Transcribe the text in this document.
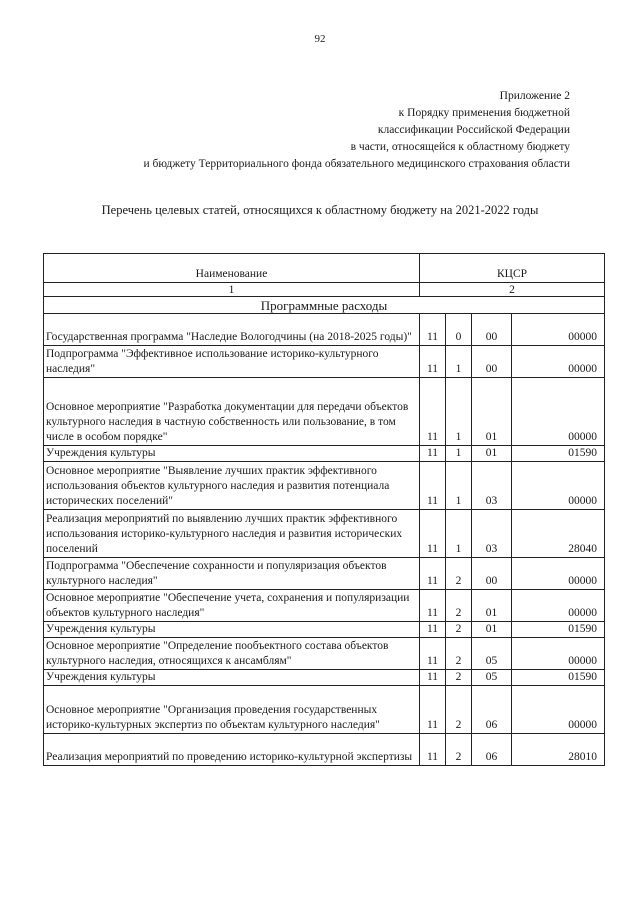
92
Приложение 2
к Порядку применения бюджетной
классификации Российской Федерации
в части, относящейся к областному бюджету
и бюджету Территориального фонда обязательного медицинского страхования области
Перечень целевых статей, относящихся к областному бюджету на 2021-2022 годы
Наименование	КЦСР			
1	2			
Программные расходы				
Государственная программа "Наследие Вологодчины (на 2018-2025 годы)"	11	0	00	00000
Подпрограмма "Эффективное использование историко-культурного наследия"	11	1	00	00000
Основное мероприятие "Разработка документации для передачи объектов культурного наследия в частную собственность или пользование, в том числе в особом порядке"	11	1	01	00000
Учреждения культуры	11	1	01	01590
Основное мероприятие "Выявление лучших практик эффективного использования объектов культурного наследия и развития потенциала исторических поселений"	11	1	03	00000
Реализация мероприятий по выявлению лучших практик эффективного использования историко-культурного наследия и развития исторических поселений	11	1	03	28040
Подпрограмма "Обеспечение сохранности и популяризация объектов культурного наследия"	11	2	00	00000
Основное мероприятие "Обеспечение учета, сохранения и популяризации объектов культурного наследия"	11	2	01	00000
Учреждения культуры	11	2	01	01590
Основное мероприятие "Определение пообъектного состава объектов культурного наследия, относящихся к ансамблям"	11	2	05	00000
Учреждения культуры	11	2	05	01590
Основное мероприятие "Организация проведения государственных историко-культурных экспертиз по объектам культурного наследия"	11	2	06	00000
Реализация мероприятий по проведению историко-культурной экспертизы	11	2	06	28010
